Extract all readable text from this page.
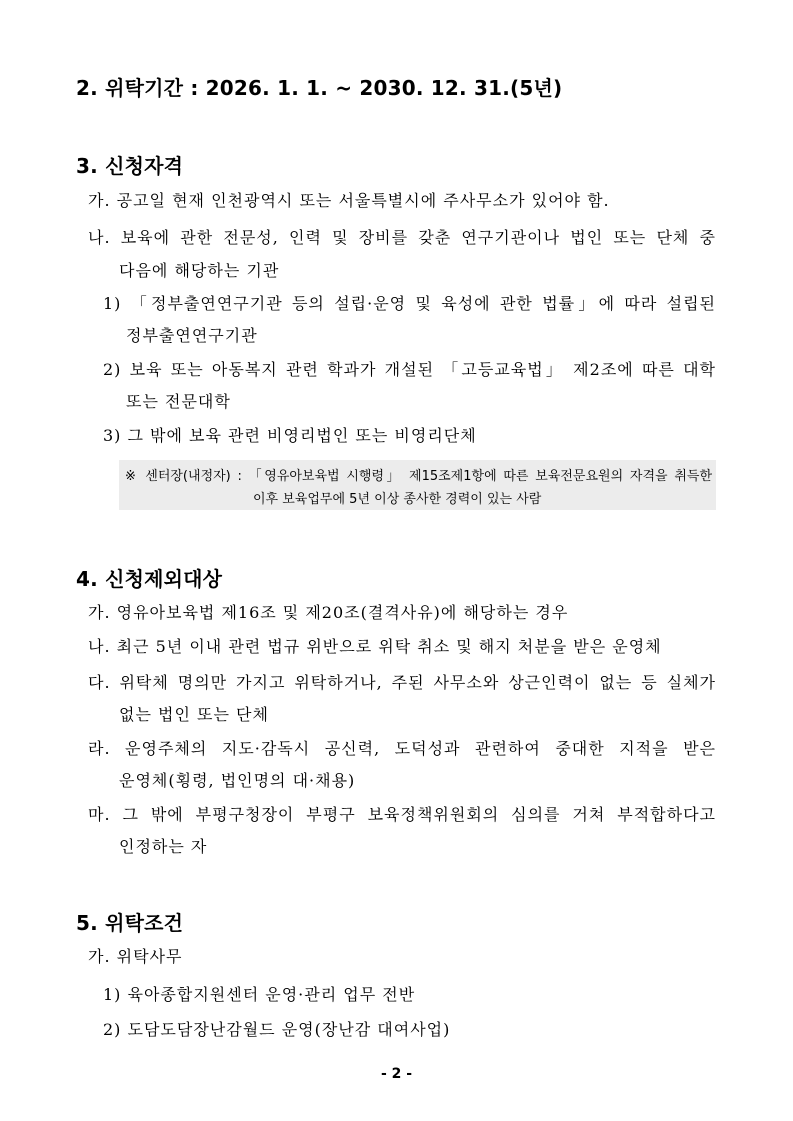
2. 위탁기간 : 2026. 1. 1. ~ 2030. 12. 31.(5년)
3. 신청자격
가. 공고일 현재 인천광역시 또는 서울특별시에 주사무소가 있어야 함.
나. 보육에 관한 전문성, 인력 및 장비를 갖춘 연구기관이나 법인 또는 단체 중
다음에 해당하는 기관
1) 「정부출연연구기관 등의 설립·운영 및 육성에 관한 법률」에 따라 설립된
정부출연연구기관
2) 보육 또는 아동복지 관련 학과가 개설된 「고등교육법」 제2조에 따른 대학
또는 전문대학
3) 그 밖에 보육 관련 비영리법인 또는 비영리단체
※ 센터장(내정자) : 「영유아보육법 시행령」 제15조제1항에 따른 보육전문요원의 자격을 취득한
이후 보육업무에 5년 이상 종사한 경력이 있는 사람
4. 신청제외대상
가. 영유아보육법 제16조 및 제20조(결격사유)에 해당하는 경우
나. 최근 5년 이내 관련 법규 위반으로 위탁 취소 및 해지 처분을 받은 운영체
다. 위탁체 명의만 가지고 위탁하거나, 주된 사무소와 상근인력이 없는 등 실체가
없는 법인 또는 단체
라. 운영주체의 지도·감독시 공신력, 도덕성과 관련하여 중대한 지적을 받은
운영체(횡령, 법인명의 대·채용)
마. 그 밖에 부평구청장이 부평구 보육정책위원회의 심의를 거쳐 부적합하다고
인정하는 자
5. 위탁조건
가. 위탁사무
1) 육아종합지원센터 운영·관리 업무 전반
2) 도담도담장난감월드 운영(장난감 대여사업)
- 2 -
